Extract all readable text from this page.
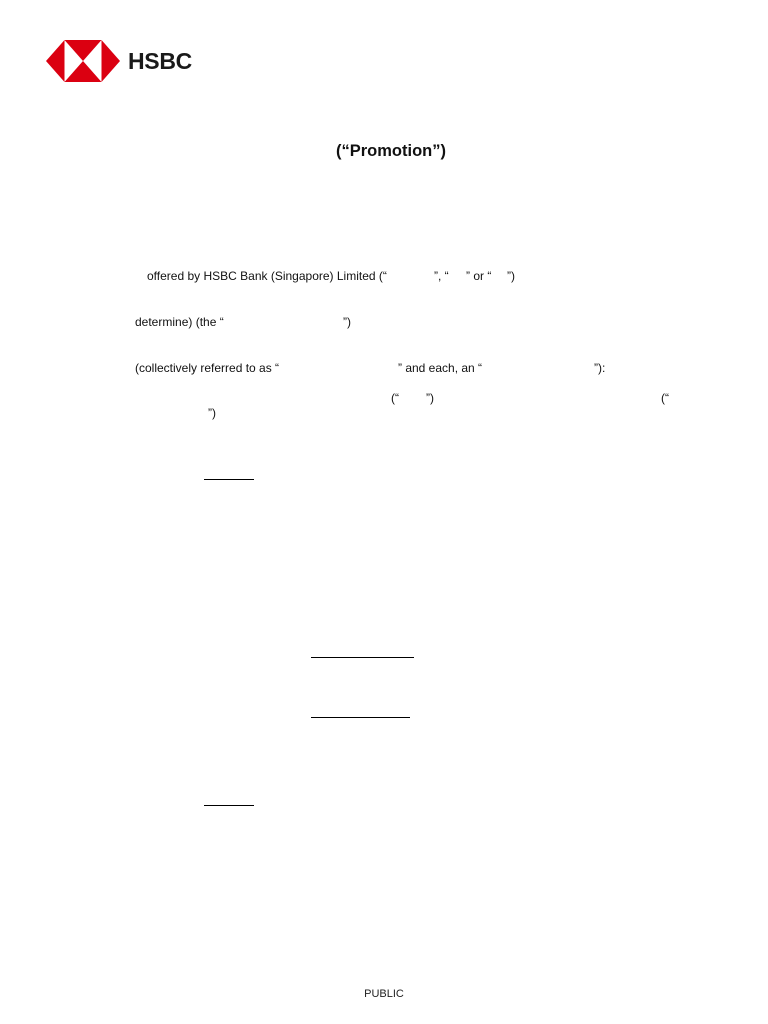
HSBC
(“Promotion”)
offered by HSBC Bank (Singapore) Limited (“	”, “ ” or “ ”)
determine) (the “	”)
(collectively referred to as “	” and each, an “	”):
(“ ”)	(“
”)
PUBLIC
